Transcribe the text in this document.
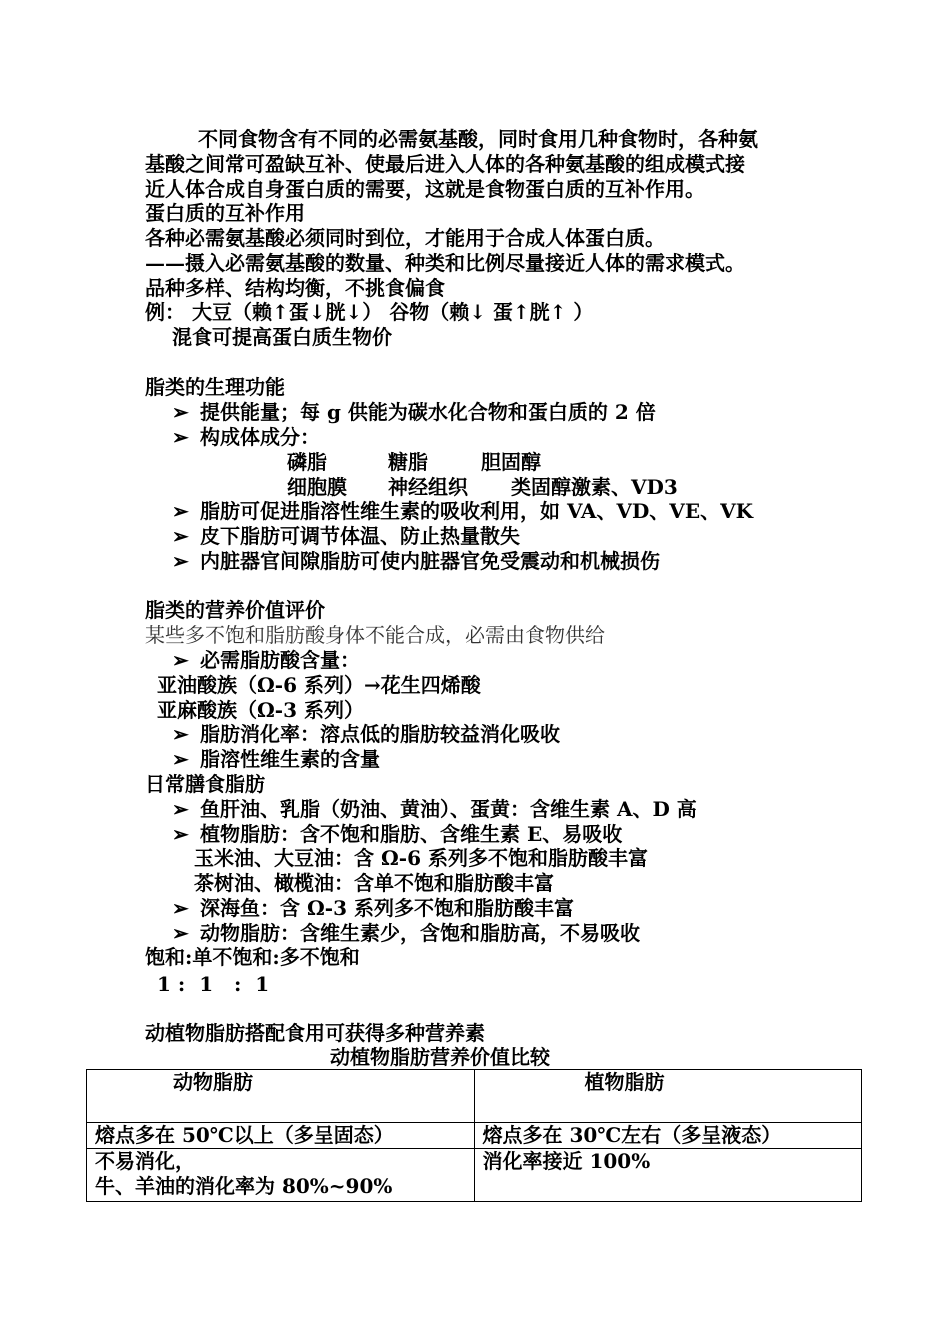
不同食物含有不同的必需氨基酸，同时食用几种食物时，各种氨
基酸之间常可盈缺互补、使最后进入人体的各种氨基酸的组成模式接
近人体合成自身蛋白质的需要，这就是食物蛋白质的互补作用。
蛋白质的互补作用
各种必需氨基酸必须同时到位，才能用于合成人体蛋白质。
——摄入必需氨基酸的数量、种类和比例尽量接近人体的需求模式。
品种多样、结构均衡，不挑食偏食
例： 大豆（赖↑蛋↓胱↓） 谷物（赖↓ 蛋↑胱↑ ）
混食可提高蛋白质生物价
脂类的生理功能
➢ 提供能量；每 g 供能为碳水化合物和蛋白质的 2 倍
➢ 构成体成分：
磷脂	糖脂	胆固醇
细胞膜 神经组织 类固醇激素、VD3
➢ 脂肪可促进脂溶性维生素的吸收利用，如 VA、VD、VE、VK
➢ 皮下脂肪可调节体温、防止热量散失
➢ 内脏器官间隙脂肪可使内脏器官免受震动和机械损伤
脂类的营养价值评价
某些多不饱和脂肪酸身体不能合成，必需由食物供给
➢ 必需脂肪酸含量：
亚油酸族（Ω-6 系列）→花生四烯酸
亚麻酸族（Ω-3 系列）
➢ 脂肪消化率：溶点低的脂肪较益消化吸收
➢ 脂溶性维生素的含量
日常膳食脂肪
➢ 鱼肝油、乳脂（奶油、黄油）、蛋黄：含维生素 A、D 高
➢ 植物脂肪：含不饱和脂肪、含维生素 E、易吸收
玉米油、大豆油：含 Ω-6 系列多不饱和脂肪酸丰富
茶树油、橄榄油：含单不饱和脂肪酸丰富
➢ 深海鱼：含 Ω-3 系列多不饱和脂肪酸丰富
➢ 动物脂肪：含维生素少，含饱和脂肪高，不易吸收
饱和:单不饱和:多不饱和
1 :  1   :  1
动植物脂肪搭配食用可获得多种营养素
动植物脂肪营养价值比较
动物脂肪	植物脂肪

熔点多在 50℃以上（多呈固态）	熔点多在 30℃左右（多呈液态）

不易消化，
牛、羊油的消化率为 80%~90%	消化率接近 100%
